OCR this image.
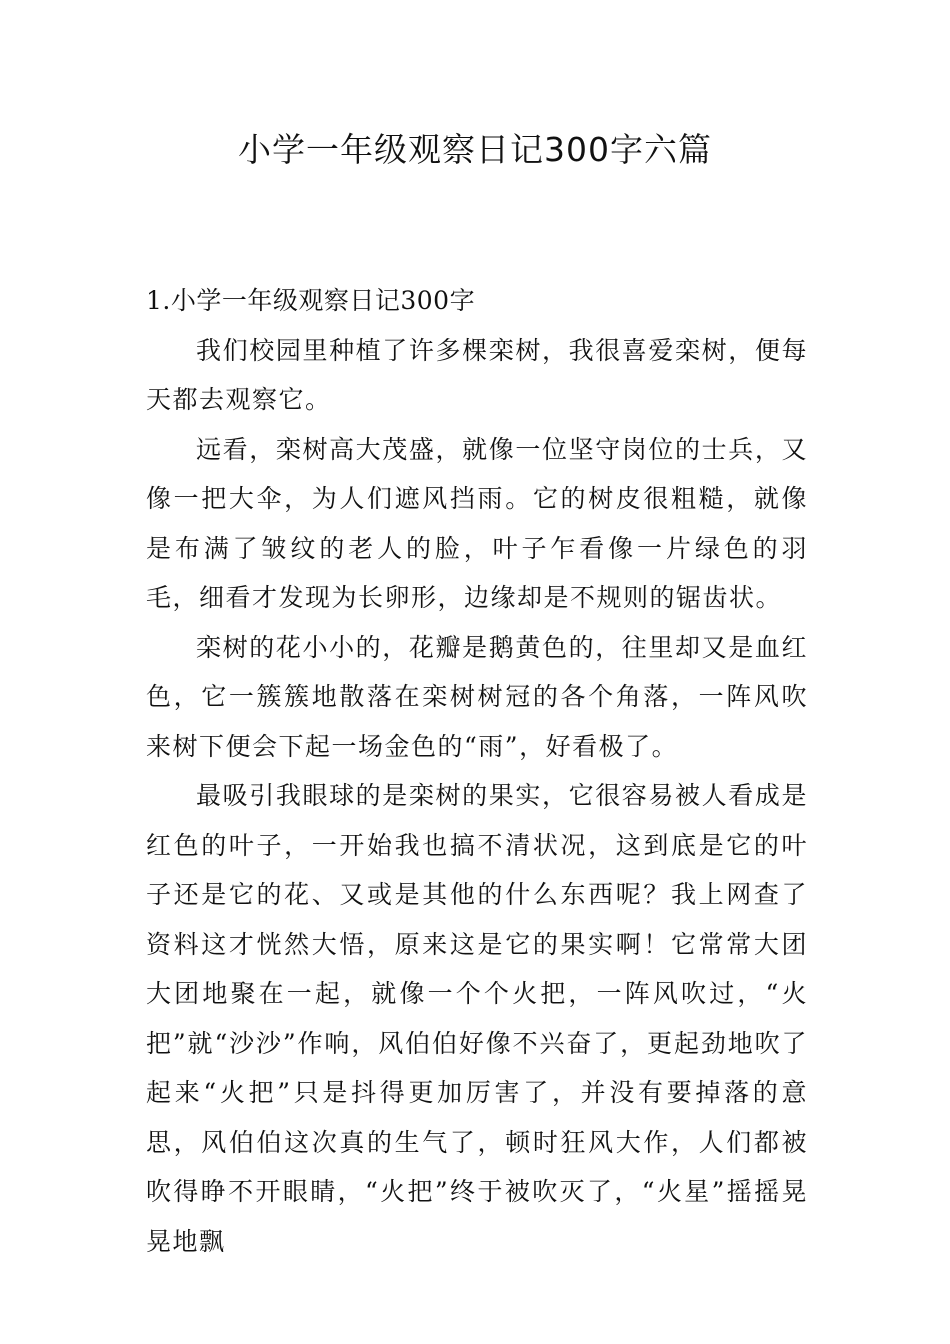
小学一年级观察日记300字六篇
1.小学一年级观察日记300字

我们校园里种植了许多棵栾树，我很喜爱栾树，便每天都去观察它。

远看，栾树高大茂盛，就像一位坚守岗位的士兵，又像一把大伞，为人们遮风挡雨。它的树皮很粗糙，就像是布满了皱纹的老人的脸，叶子乍看像一片绿色的羽毛，细看才发现为长卵形，边缘却是不规则的锯齿状。

栾树的花小小的，花瓣是鹅黄色的，往里却又是血红色，它一簇簇地散落在栾树树冠的各个角落，一阵风吹来树下便会下起一场金色的“雨”，好看极了。

最吸引我眼球的是栾树的果实，它很容易被人看成是红色的叶子，一开始我也搞不清状况，这到底是它的叶子还是它的花、又或是其他的什么东西呢？我上网查了资料这才恍然大悟，原来这是它的果实啊！它常常大团大团地聚在一起，就像一个个火把，一阵风吹过，“火把”就“沙沙”作响，风伯伯好像不兴奋了，更起劲地吹了起来“火把”只是抖得更加厉害了，并没有要掉落的意思，风伯伯这次真的生气了，顿时狂风大作，人们都被吹得睁不开眼睛，“火把”终于被吹灭了，“火星”摇摇晃晃地飘
